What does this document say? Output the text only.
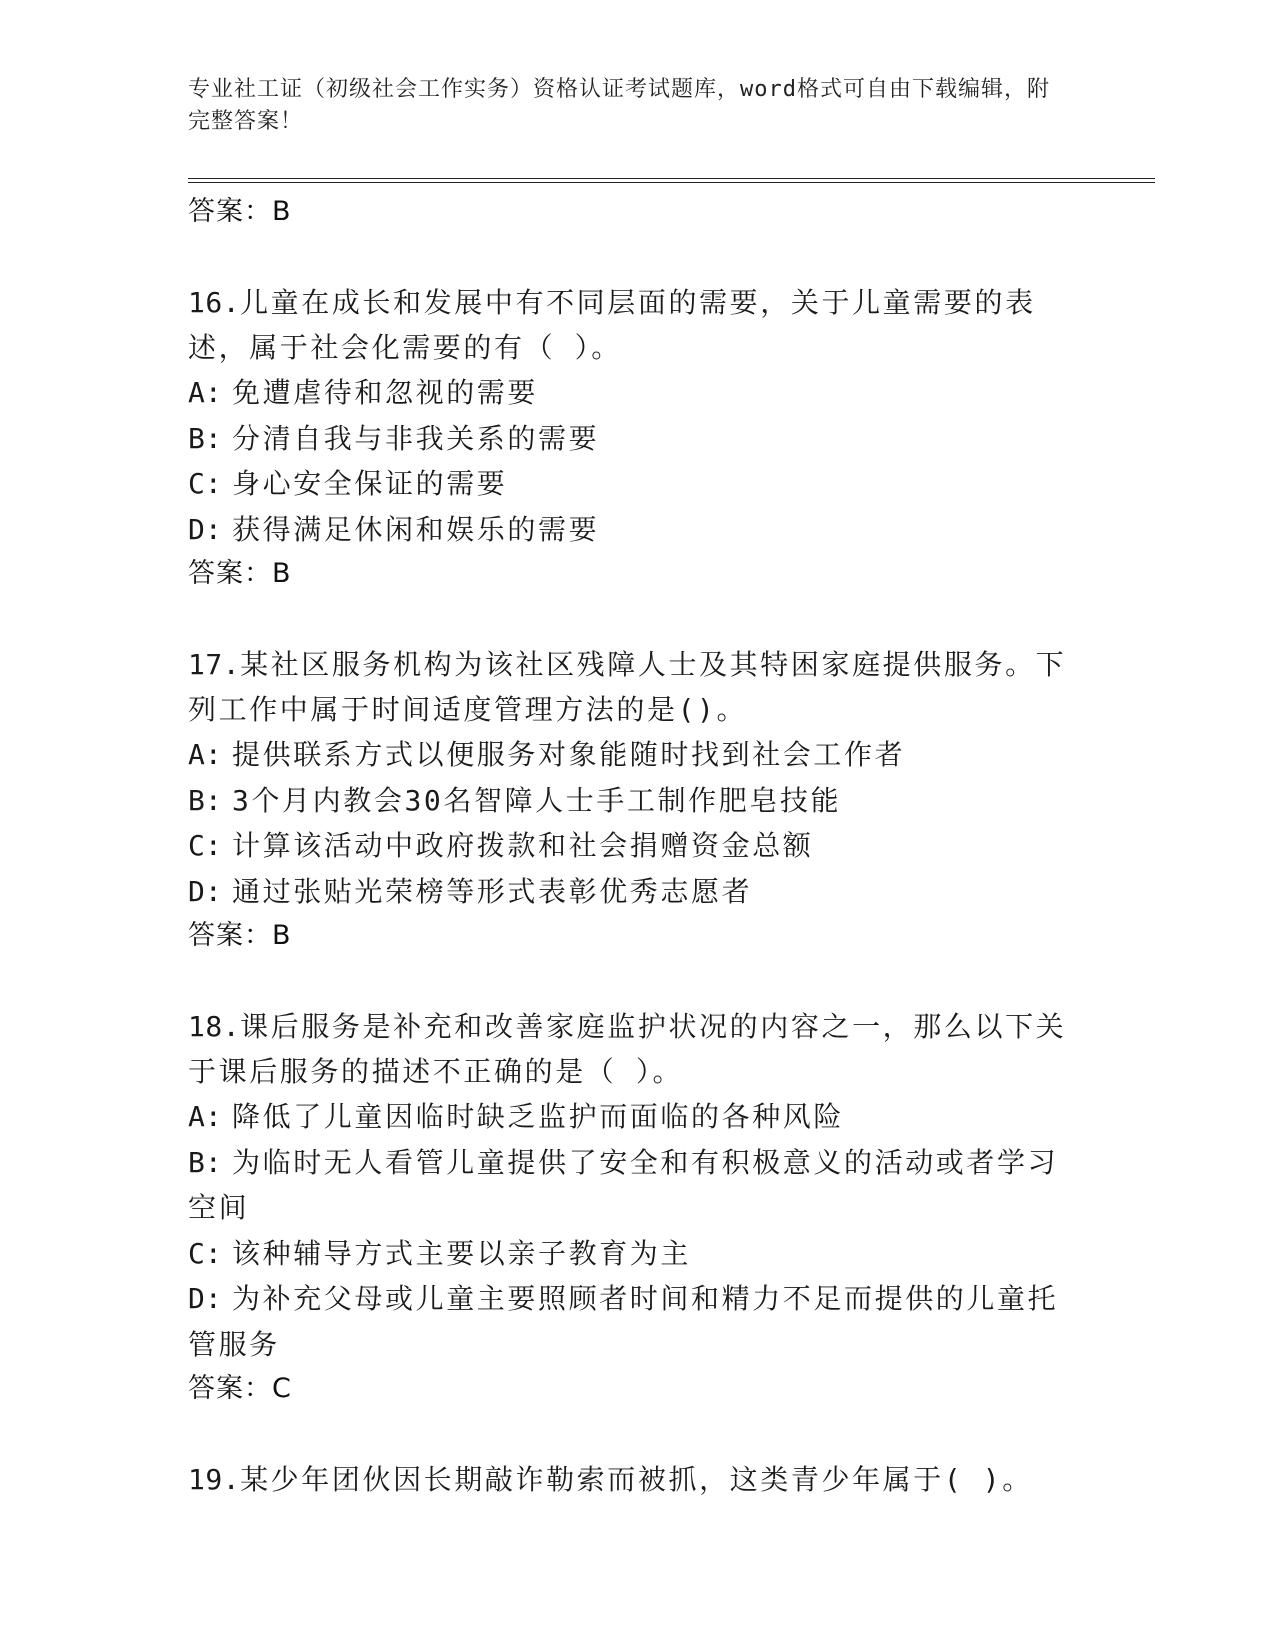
专业社工证（初级社会工作实务）资格认证考试题库，word格式可自由下载编辑，附完整答案！
答案：B
16.儿童在成长和发展中有不同层面的需要，关于儿童需要的表述，属于社会化需要的有（ ）。
A: 免遭虐待和忽视的需要
B: 分清自我与非我关系的需要
C: 身心安全保证的需要
D: 获得满足休闲和娱乐的需要
答案：B
17.某社区服务机构为该社区残障人士及其特困家庭提供服务。下列工作中属于时间适度管理方法的是()。
A: 提供联系方式以便服务对象能随时找到社会工作者
B: 3个月内教会30名智障人士手工制作肥皂技能
C: 计算该活动中政府拨款和社会捐赠资金总额
D: 通过张贴光荣榜等形式表彰优秀志愿者
答案：B
18.课后服务是补充和改善家庭监护状况的内容之一，那么以下关于课后服务的描述不正确的是（ ）。
A: 降低了儿童因临时缺乏监护而面临的各种风险
B: 为临时无人看管儿童提供了安全和有积极意义的活动或者学习空间
C: 该种辅导方式主要以亲子教育为主
D: 为补充父母或儿童主要照顾者时间和精力不足而提供的儿童托管服务
答案：C
19.某少年团伙因长期敲诈勒索而被抓，这类青少年属于( )。
